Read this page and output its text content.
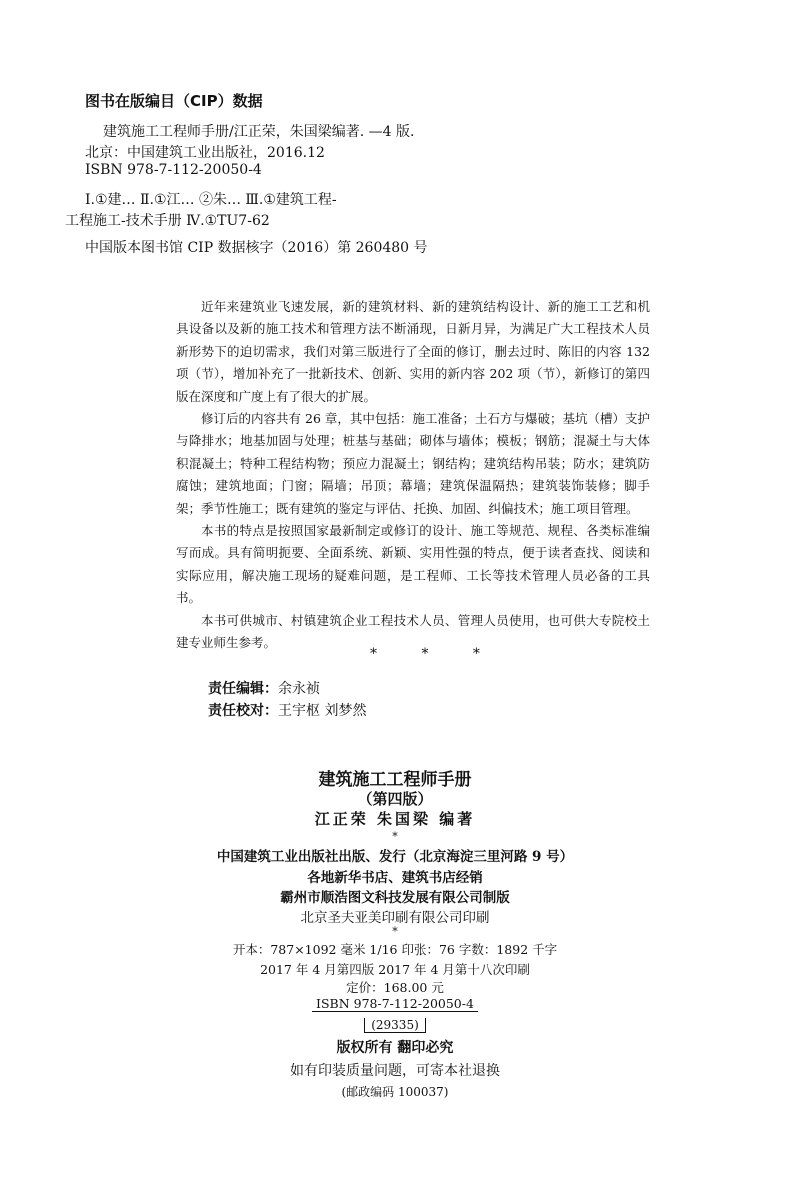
图书在版编目（CIP）数据
建筑施工工程师手册/江正荣，朱国梁编著. —4 版.
北京：中国建筑工业出版社，2016.12
ISBN 978-7-112-20050-4
Ⅰ.①建… Ⅱ.①江… ②朱… Ⅲ.①建筑工程-
工程施工-技术手册 Ⅳ.①TU7-62
中国版本图书馆 CIP 数据核字（2016）第 260480 号

近年来建筑业飞速发展，新的建筑材料、新的建筑结构设计、新的施工工艺和机具设备以及新的施工技术和管理方法不断涌现，日新月异，为满足广大工程技术人员新形势下的迫切需求，我们对第三版进行了全面的修订，删去过时、陈旧的内容 132 项（节），增加补充了一批新技术、创新、实用的新内容 202 项（节），新修订的第四版在深度和广度上有了很大的扩展。

修订后的内容共有 26 章，其中包括：施工准备；土石方与爆破；基坑（槽）支护与降排水；地基加固与处理；桩基与基础；砌体与墙体；模板；钢筋；混凝土与大体积混凝土；特种工程结构物；预应力混凝土；钢结构；建筑结构吊装；防水；建筑防腐蚀；建筑地面；门窗；隔墙；吊顶；幕墙；建筑保温隔热；建筑装饰装修；脚手架；季节性施工；既有建筑的鉴定与评估、托换、加固、纠偏技术；施工项目管理。

本书的特点是按照国家最新制定或修订的设计、施工等规范、规程、各类标准编写而成。具有简明扼要、全面系统、新颖、实用性强的特点，便于读者查找、阅读和实际应用，解决施工现场的疑难问题，是工程师、工长等技术管理人员必备的工具书。

本书可供城市、村镇建筑企业工程技术人员、管理人员使用，也可供大专院校土建专业师生参考。

* * *
责任编辑：余永祯
责任校对：王宇枢 刘梦然
建筑施工工程师手册
（第四版）
江正荣 朱国梁 编著
*
中国建筑工业出版社出版、发行（北京海淀三里河路 9 号）
各地新华书店、建筑书店经销
霸州市顺浩图文科技发展有限公司制版
北京圣夫亚美印刷有限公司印刷
*
开本：787×1092 毫米 1/16 印张：76 字数：1892 千字
2017 年 4 月第四版 2017 年 4 月第十八次印刷
定价：168.00 元
ISBN 978-7-112-20050-4
(29335)
版权所有 翻印必究
如有印装质量问题，可寄本社退换
(邮政编码 100037)
